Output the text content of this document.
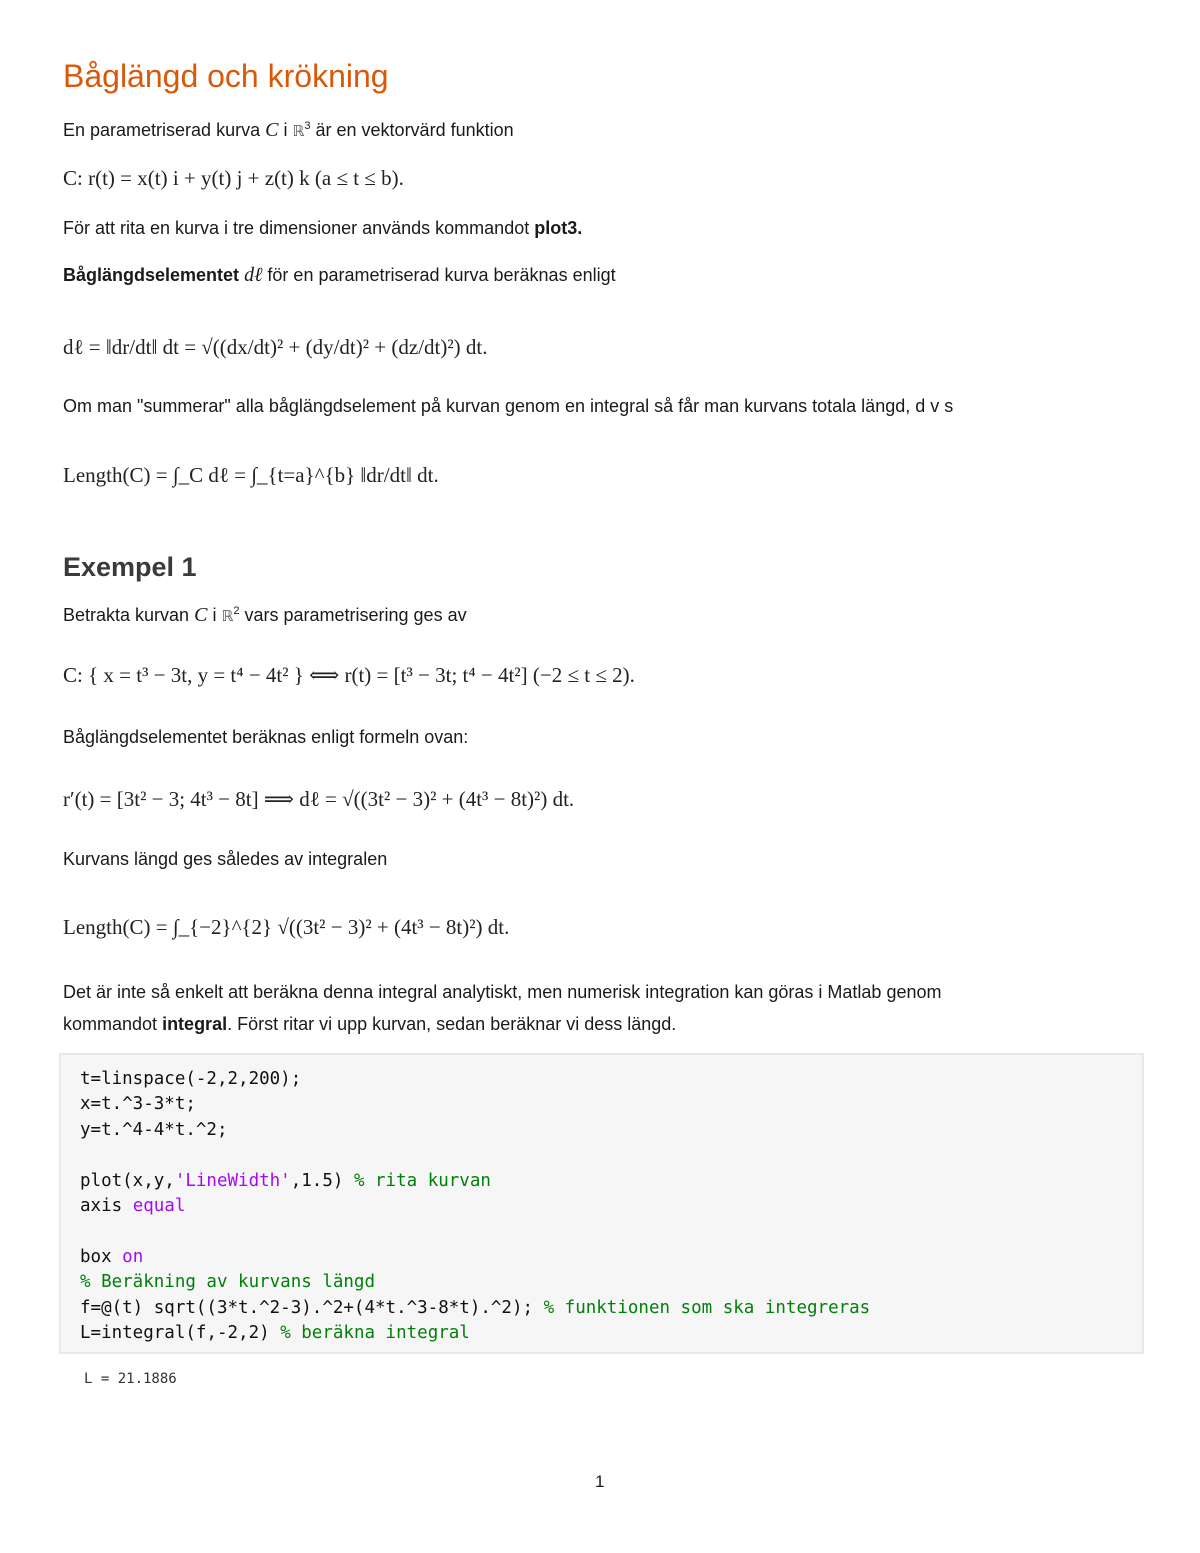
Båglängd och krökning

En parametriserad kurva C i ℝ$^3$ är en vektorvärd funktion

C: r(t) = x(t) i + y(t) j + z(t) k (a ≤ t ≤ b).

För att rita en kurva i tre dimensioner används kommandot plot3.

Båglängdselementet dℓ för en parametriserad kurva beräknas enligt

dℓ = ‖dr/dt‖ dt = √((dx/dt)² + (dy/dt)² + (dz/dt)²) dt.

Om man "summerar" alla båglängdselement på kurvan genom en integral så får man kurvans totala längd, d v s

Length(C) = ∫_C dℓ = ∫_{t=a}^{b} ‖dr/dt‖ dt.
Exempel 1

Betrakta kurvan C i ℝ$^2$ vars parametrisering ges av

C: { x = t³ − 3t, y = t⁴ − 4t² } ⟺ r(t) = [t³ − 3t; t⁴ − 4t²] (−2 ≤ t ≤ 2).

Båglängdselementet beräknas enligt formeln ovan:

r′(t) = [3t² − 3; 4t³ − 8t] ⟹ dℓ = √((3t² − 3)² + (4t³ − 8t)²) dt.

Kurvans längd ges således av integralen

Length(C) = ∫_{−2}^{2} √((3t² − 3)² + (4t³ − 8t)²) dt.

Det är inte så enkelt att beräkna denna integral analytiskt, men numerisk integration kan göras i Matlab genom

kommandot integral. Först ritar vi upp kurvan, sedan beräknar vi dess längd.

t=linspace(-2,2,200);
x=t.^3-3*t;
y=t.^4-4*t.^2;

plot(x,y,'LineWidth',1.5) % rita kurvan
axis equal

box on
% Beräkning av kurvans längd
f=@(t) sqrt((3*t.^2-3).^2+(4*t.^3-8*t).^2); % funktionen som ska integreras
L=integral(f,-2,2) % beräkna integral
L = 21.1886
1
